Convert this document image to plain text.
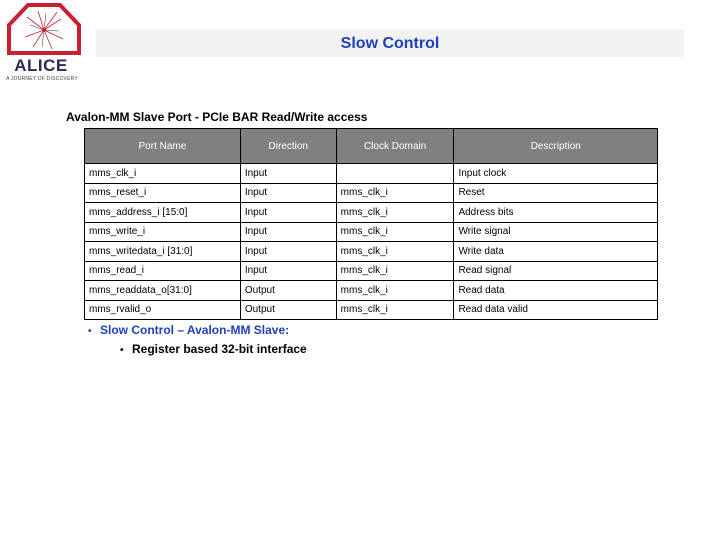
Slow Control
ALICE
A JOURNEY OF DISCOVERY
Avalon-MM Slave Port - PCIe BAR Read/Write access
Port Name	Direction	Clock Domain	Description
mms_clk_i	Input		Input clock
mms_reset_i	Input	mms_clk_i	Reset
mms_address_i [15:0]	Input	mms_clk_i	Address bits
mms_write_i	Input	mms_clk_i	Write signal
mms_writedata_i [31:0]	Input	mms_clk_i	Write data
mms_read_i	Input	mms_clk_i	Read signal
mms_readdata_o[31:0]	Output	mms_clk_i	Read data
mms_rvalid_o	Output	mms_clk_i	Read data valid

• Slow Control – Avalon-MM Slave:

• Register based 32-bit interface
